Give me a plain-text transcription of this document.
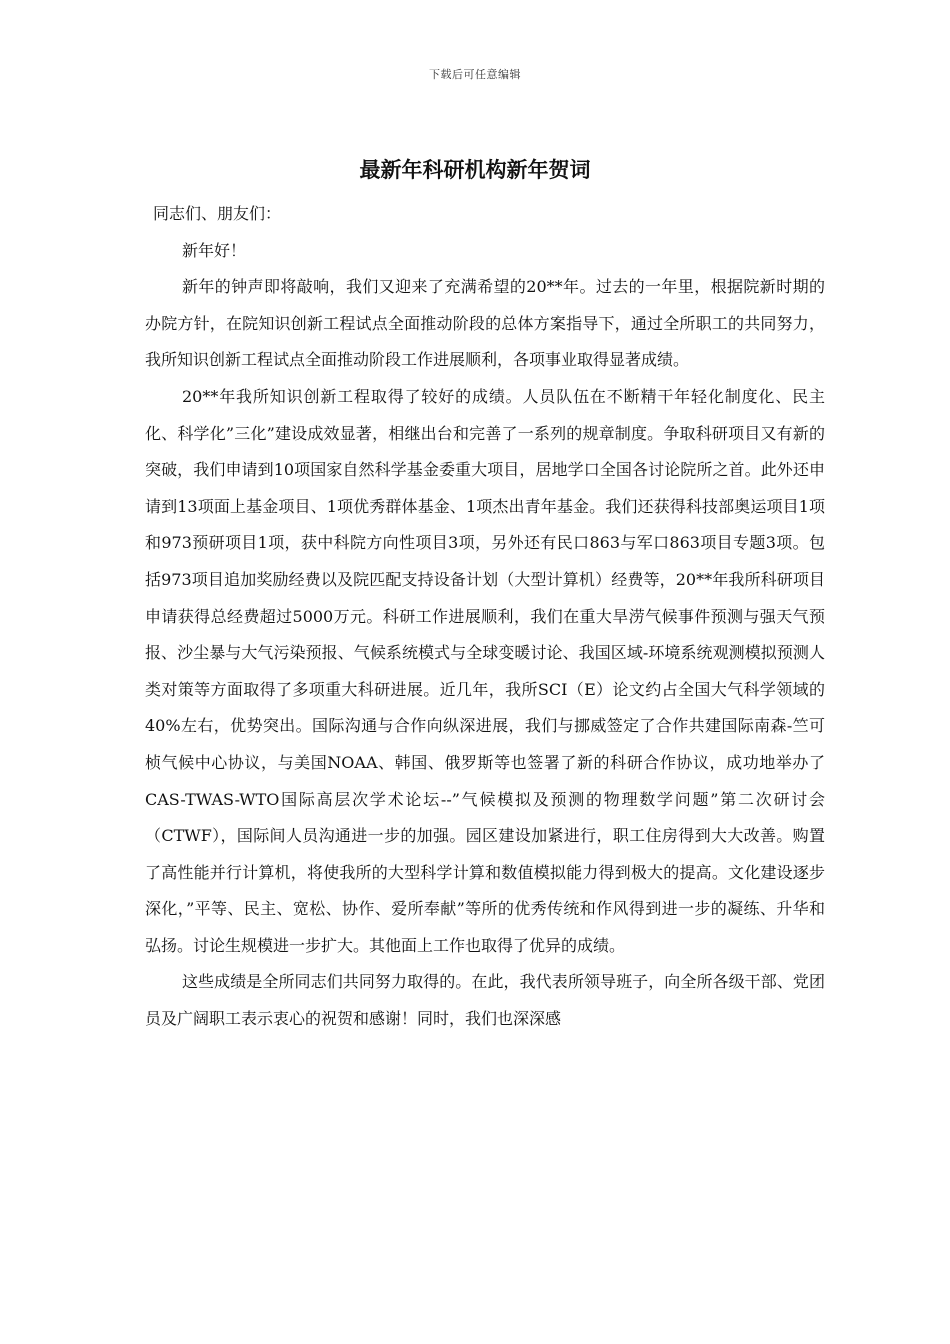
下载后可任意编辑
最新年科研机构新年贺词

同志们、朋友们：

新年好！

新年的钟声即将敲响，我们又迎来了充满希望的20**年。过去的一年里，根据院新时期的办院方针，在院知识创新工程试点全面推动阶段的总体方案指导下，通过全所职工的共同努力，我所知识创新工程试点全面推动阶段工作进展顺利，各项事业取得显著成绩。

20**年我所知识创新工程取得了较好的成绩。人员队伍在不断精干年轻化制度化、民主化、科学化”三化”建设成效显著，相继出台和完善了一系列的规章制度。争取科研项目又有新的突破，我们申请到10项国家自然科学基金委重大项目，居地学口全国各讨论院所之首。此外还申请到13项面上基金项目、1项优秀群体基金、1项杰出青年基金。我们还获得科技部奥运项目1项和973预研项目1项，获中科院方向性项目3项，另外还有民口863与军口863项目专题3项。包括973项目追加奖励经费以及院匹配支持设备计划（大型计算机）经费等，20**年我所科研项目申请获得总经费超过5000万元。科研工作进展顺利，我们在重大旱涝气候事件预测与强天气预报、沙尘暴与大气污染预报、气候系统模式与全球变暖讨论、我国区域-环境系统观测模拟预测人类对策等方面取得了多项重大科研进展。近几年，我所SCI（E）论文约占全国大气科学领域的40%左右，优势突出。国际沟通与合作向纵深进展，我们与挪威签定了合作共建国际南森-竺可桢气候中心协议，与美国NOAA、韩国、俄罗斯等也签署了新的科研合作协议，成功地举办了CAS-TWAS-WTO国际高层次学术论坛--”气候模拟及预测的物理数学问题”第二次研讨会（CTWF），国际间人员沟通进一步的加强。园区建设加紧进行，职工住房得到大大改善。购置了高性能并行计算机，将使我所的大型科学计算和数值模拟能力得到极大的提高。文化建设逐步深化，”平等、民主、宽松、协作、爱所奉献”等所的优秀传统和作风得到进一步的凝练、升华和弘扬。讨论生规模进一步扩大。其他面上工作也取得了优异的成绩。

这些成绩是全所同志们共同努力取得的。在此，我代表所领导班子，向全所各级干部、党团员及广阔职工表示衷心的祝贺和感谢！同时，我们也深深感
